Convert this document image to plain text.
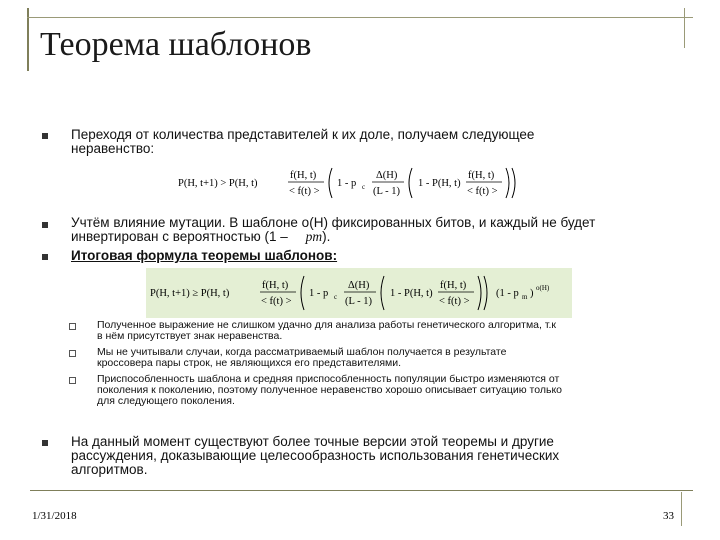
Теорема шаблонов
Переходя от количества представителей к их доле, получаем следующее
неравенство:
P(H, t+1) > P(H, t)
f(H, t)
< f(t) >
1 - p c
Δ(H)
(L - 1)
1 - P(H, t)
f(H, t)
< f(t) >
Учтём влияние мутации. В шаблоне o(H) фиксированных битов, и каждый не будет
инвертирован с вероятностью (1 – pm).
Итоговая формула теоремы шаблонов:
P(H, t+1) ≥ P(H, t)
f(H, t)
< f(t) >
1 - p c
Δ(H)
(L - 1)
1 - P(H, t)
f(H, t)
< f(t) >
(1 - p m ) o(H)
Полученное выражение не слишком удачно для анализа работы генетического алгоритма, т.к
в нём присутствует знак неравенства.
Мы не учитывали случаи, когда рассматриваемый шаблон получается в результате
кроссовера пары строк, не являющихся его представителями.
Приспособленность шаблона и средняя приспособленность популяции быстро изменяются от
поколения к поколению, поэтому полученное неравенство хорошо описывает ситуацию только
для следующего поколения.
На данный момент существуют более точные версии этой теоремы и другие
рассуждения, доказывающие целесообразность использования генетических
алгоритмов.
1/31/2018	33
